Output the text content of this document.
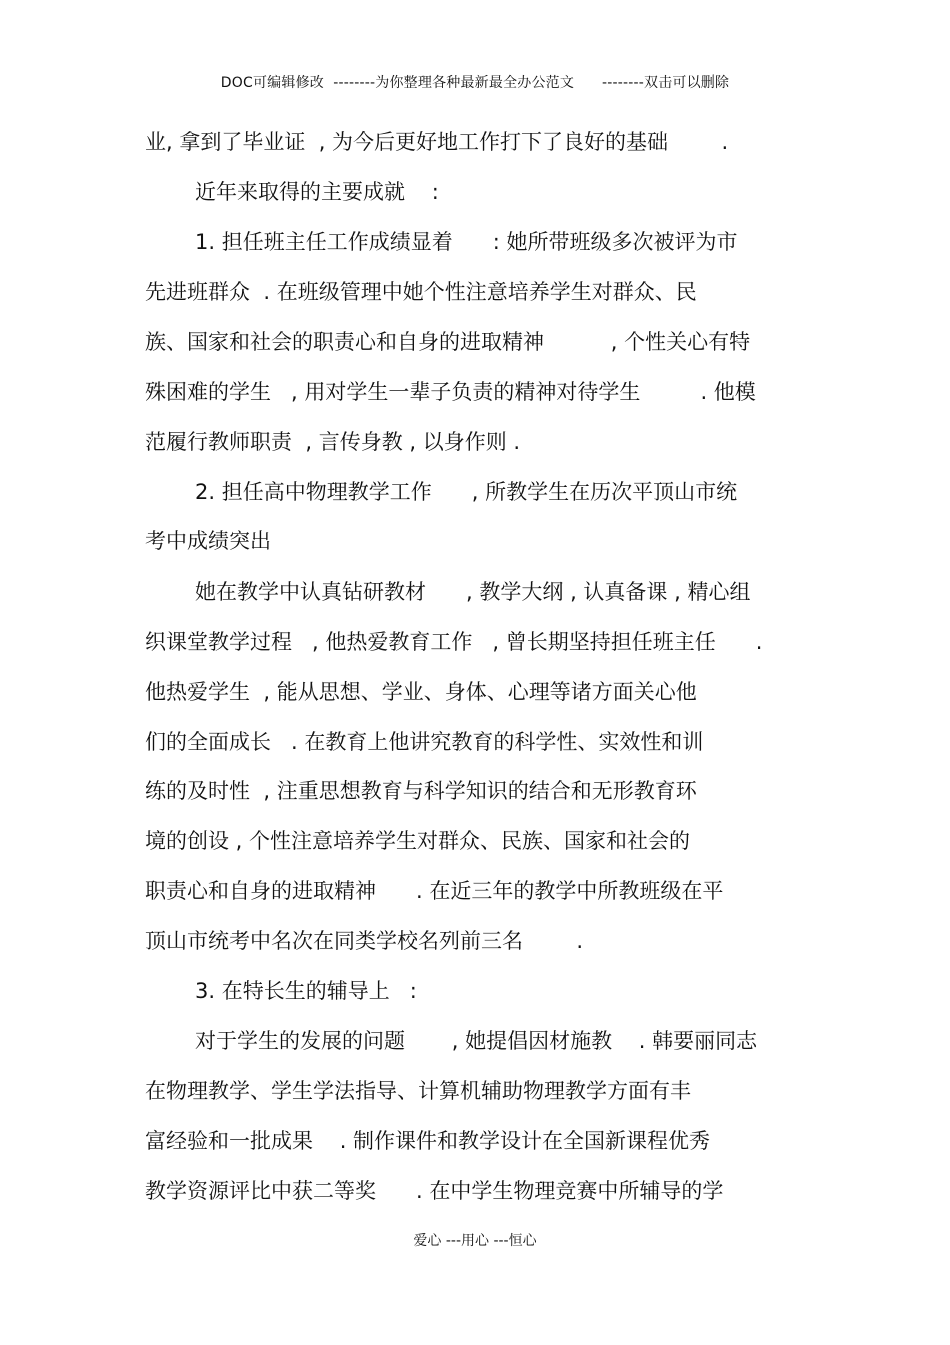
DOC可编辑修改  --------为你整理各种最新最全办公范文      --------双击可以删除
业, 拿到了毕业证  , 为今后更好地工作打下了良好的基础        .
近年来取得的主要成就    :
1. 担任班主任工作成绩显着      : 她所带班级多次被评为市
先进班群众  . 在班级管理中她个性注意培养学生对群众、民
族、国家和社会的职责心和自身的进取精神          , 个性关心有特
殊困难的学生   , 用对学生一辈子负责的精神对待学生         . 他模
范履行教师职责  , 言传身教 , 以身作则 .
2. 担任高中物理教学工作      , 所教学生在历次平顶山市统
考中成绩突出
她在教学中认真钻研教材      , 教学大纲 , 认真备课 , 精心组
织课堂教学过程   , 他热爱教育工作   , 曾长期坚持担任班主任      .
他热爱学生  , 能从思想、学业、身体、心理等诸方面关心他
们的全面成长   . 在教育上他讲究教育的科学性、实效性和训
练的及时性  , 注重思想教育与科学知识的结合和无形教育环
境的创设 , 个性注意培养学生对群众、民族、国家和社会的
职责心和自身的进取精神      . 在近三年的教学中所教班级在平
顶山市统考中名次在同类学校名列前三名        .
3. 在特长生的辅导上   :
对于学生的发展的问题       , 她提倡因材施教    . 韩要丽同志
在物理教学、学生学法指导、计算机辅助物理教学方面有丰
富经验和一批成果    . 制作课件和教学设计在全国新课程优秀
教学资源评比中获二等奖      . 在中学生物理竞赛中所辅导的学
爱心 ---用心 ---恒心
